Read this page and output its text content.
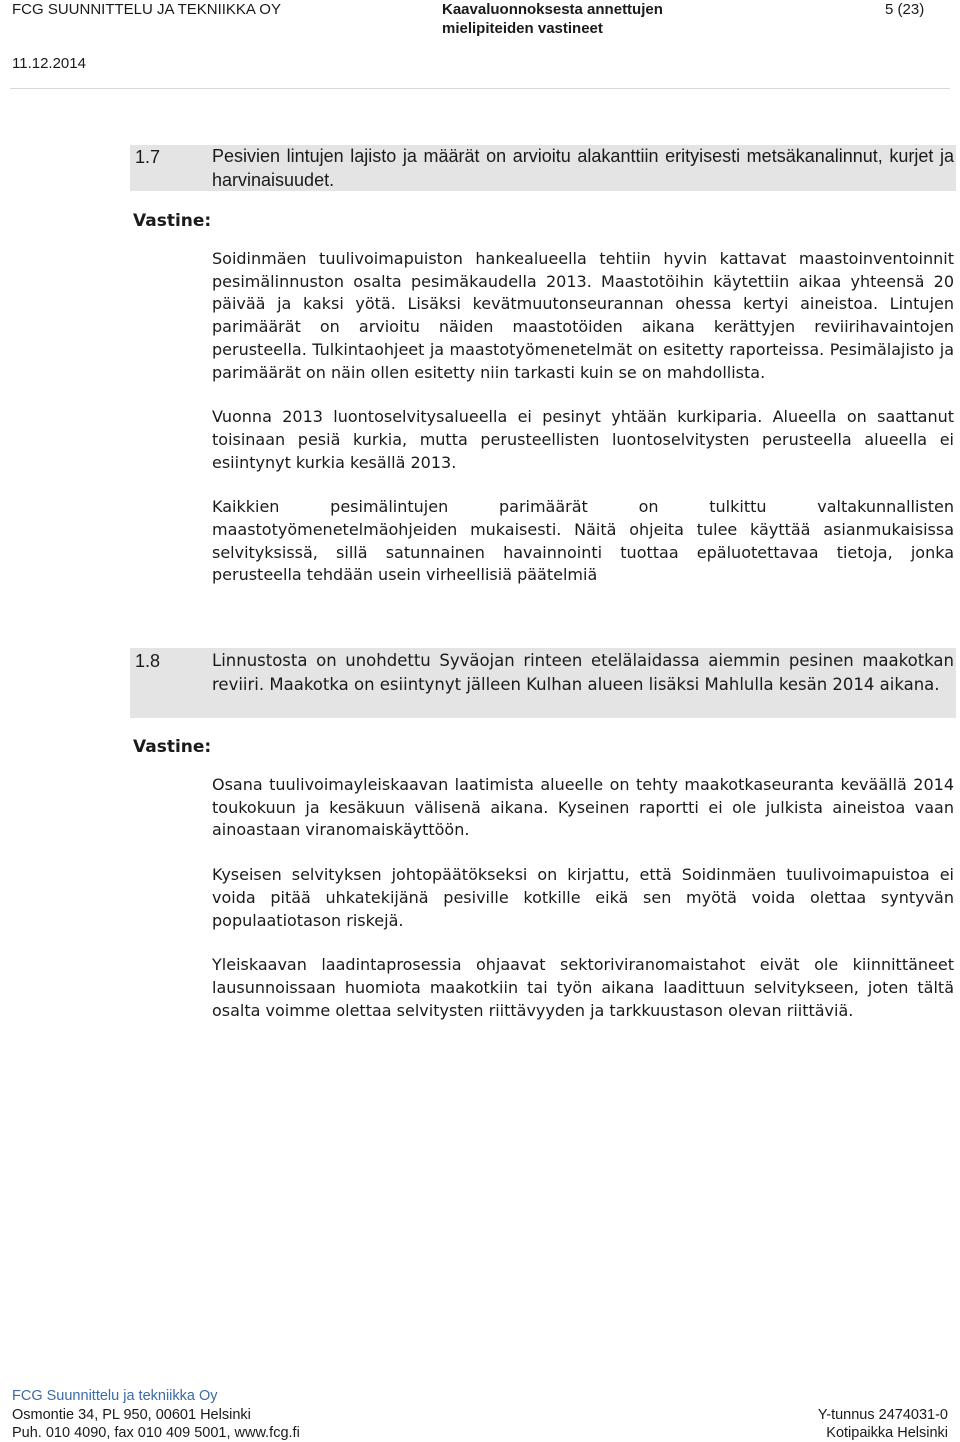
FCG SUUNNITTELU JA TEKNIIKKA OY	Kaavaluonnoksesta annettujen
mielipiteiden vastineet
5 (23)
11.12.2014
1.7	Pesivien lintujen lajisto ja määrät on arvioitu alakanttiin erityisesti metsäkanalinnut, kurjet ja harvinaisuudet.
Vastine:

Soidinmäen tuulivoimapuiston hankealueella tehtiin hyvin kattavat maastoinventoinnit pesimälinnuston osalta pesimäkaudella 2013. Maastotöihin käytettiin aikaa yhteensä 20 päivää ja kaksi yötä. Lisäksi kevätmuutonseurannan ohessa kertyi aineistoa. Lintujen parimäärät on arvioitu näiden maastotöiden aikana kerättyjen reviirihavaintojen perusteella. Tulkintaohjeet ja maastotyömenetelmät on esitetty raporteissa. Pesimälajisto ja parimäärät on näin ollen esitetty niin tarkasti kuin se on mahdollista.

Vuonna 2013 luontoselvitysalueella ei pesinyt yhtään kurkiparia. Alueella on saattanut toisinaan pesiä kurkia, mutta perusteellisten luontoselvitysten perusteella alueella ei esiintynyt kurkia kesällä 2013.

Kaikkien pesimälintujen parimäärät on tulkittu valtakunnallisten maastotyömenetelmäohjeiden mukaisesti. Näitä ohjeita tulee käyttää asianmukaisissa selvityksissä, sillä satunnainen havainnointi tuottaa epäluotettavaa tietoja, jonka perusteella tehdään usein virheellisiä päätelmiä

1.8	Linnustosta on unohdettu Syväojan rinteen etelälaidassa aiemmin pesinen maakotkan reviiri. Maakotka on esiintynyt jälleen Kulhan alueen lisäksi Mahlulla kesän 2014 aikana.
Vastine:

Osana tuulivoimayleiskaavan laatimista alueelle on tehty maakotkaseuranta keväällä 2014 toukokuun ja kesäkuun välisenä aikana. Kyseinen raportti ei ole julkista aineistoa vaan ainoastaan viranomaiskäyttöön.

Kyseisen selvityksen johtopäätökseksi on kirjattu, että Soidinmäen tuulivoimapuistoa ei voida pitää uhkatekijänä pesiville kotkille eikä sen myötä voida olettaa syntyvän populaatiotason riskejä.

Yleiskaavan laadintaprosessia ohjaavat sektoriviranomaistahot eivät ole kiinnittäneet lausunnoissaan huomiota maakotkiin tai työn aikana laadittuun selvitykseen, joten tältä osalta voimme olettaa selvitysten riittävyyden ja tarkkuustason olevan riittäviä.

FCG Suunnittelu ja tekniikka Oy
Osmontie 34, PL 950, 00601 Helsinki
Puh. 010 4090, fax 010 409 5001, www.fcg.fi
Y-tunnus 2474031-0
Kotipaikka Helsinki
